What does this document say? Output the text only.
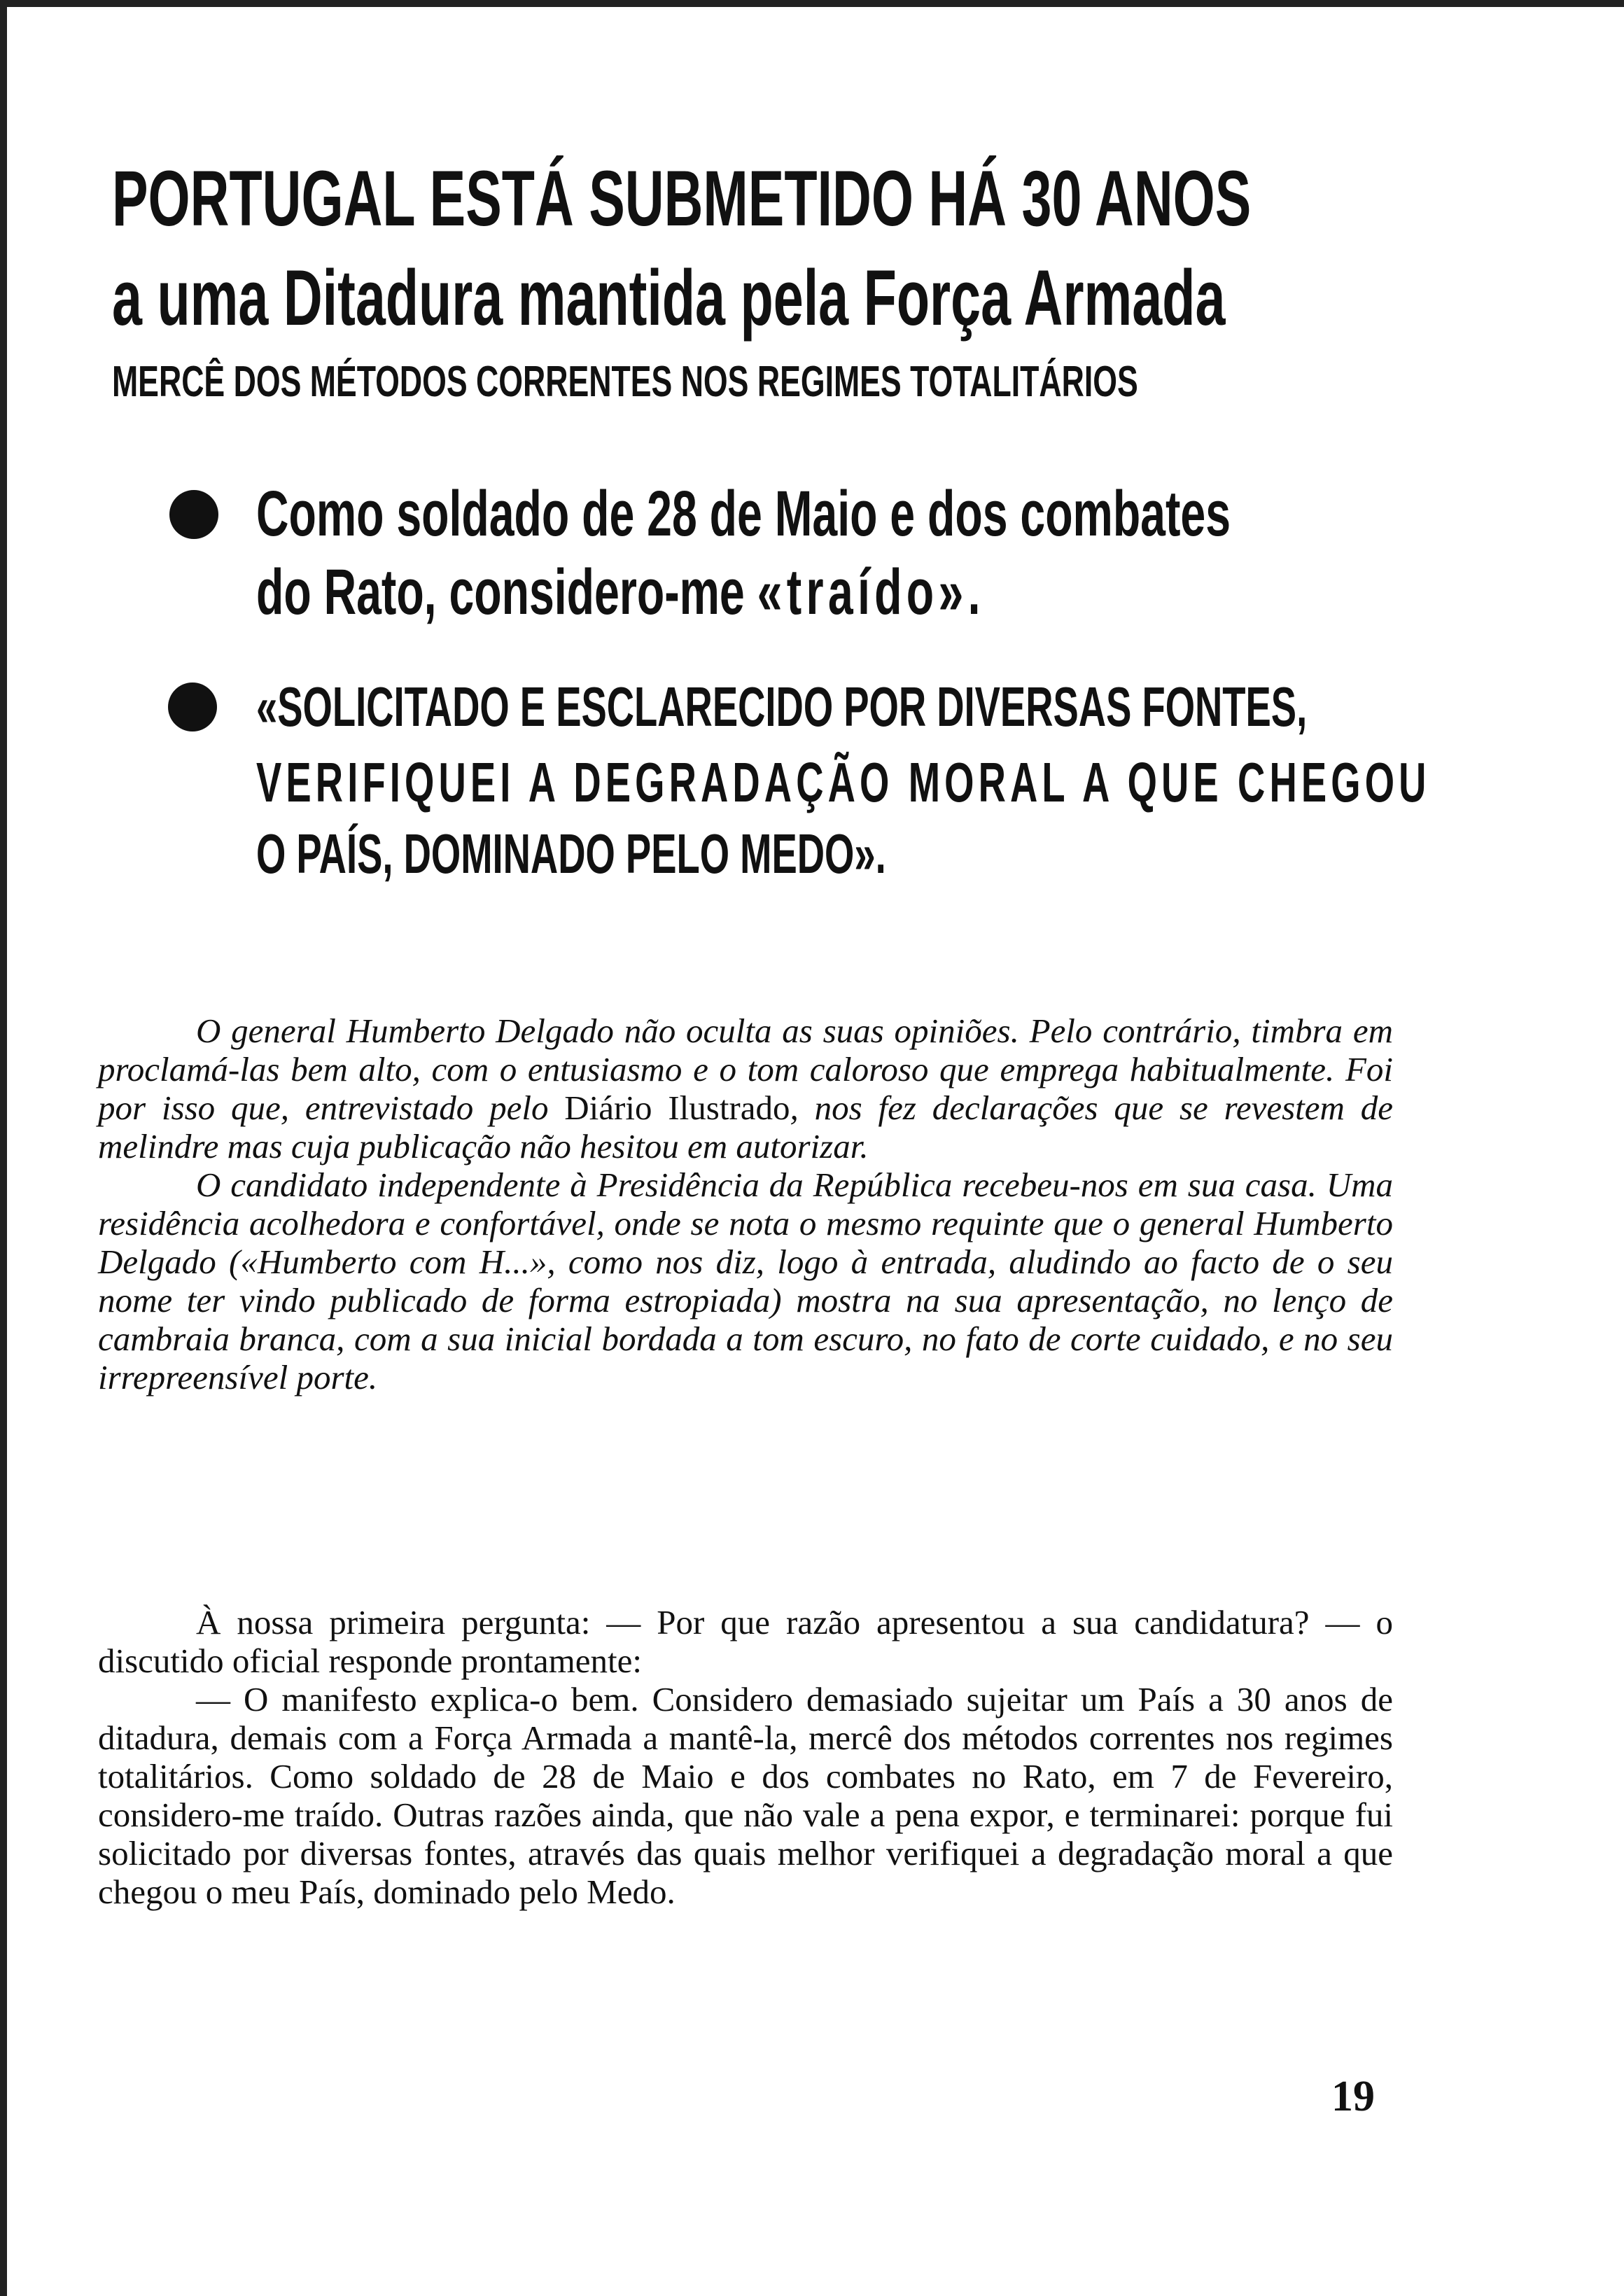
PORTUGAL ESTÁ SUBMETIDO HÁ 30 ANOS
a uma Ditadura mantida pela Força Armada
MERCÊ DOS MÉTODOS CORRENTES NOS REGIMES TOTALITÁRIOS
Como soldado de 28 de Maio e dos combates
do Rato, considero-me «traído».
«SOLICITADO E ESCLARECIDO POR DIVERSAS FONTES,
VERIFIQUEI A DEGRADAÇÃO MORAL A QUE CHEGOU
O PAÍS, DOMINADO PELO MEDO».

O general Humberto Delgado não oculta as suas opiniões. Pelo contrário, timbra em proclamá-las bem alto, com o entusiasmo e o tom caloroso que emprega habitualmente. Foi por isso que, entrevistado pelo Diário Ilustrado, nos fez declarações que se revestem de melindre mas cuja publicação não hesitou em autorizar.

O candidato independente à Presidência da República recebeu-nos em sua casa. Uma residência acolhedora e confortável, onde se nota o mesmo requinte que o general Humberto Delgado («Humberto com H...», como nos diz, logo à entrada, aludindo ao facto de o seu nome ter vindo publicado de forma estropiada) mostra na sua apresentação, no lenço de cambraia branca, com a sua inicial bordada a tom escuro, no fato de corte cuidado, e no seu irrepreensível porte.

À nossa primeira pergunta: — Por que razão apresentou a sua candidatura? — o discutido oficial responde prontamente:

— O manifesto explica-o bem. Considero demasiado sujeitar um País a 30 anos de ditadura, demais com a Força Armada a mantê-la, mercê dos métodos correntes nos regimes totalitários. Como soldado de 28 de Maio e dos combates no Rato, em 7 de Fevereiro, considero-me traído. Outras razões ainda, que não vale a pena expor, e terminarei: porque fui solicitado por diversas fontes, através das quais melhor verifiquei a degradação moral a que chegou o meu País, dominado pelo Medo.

19
